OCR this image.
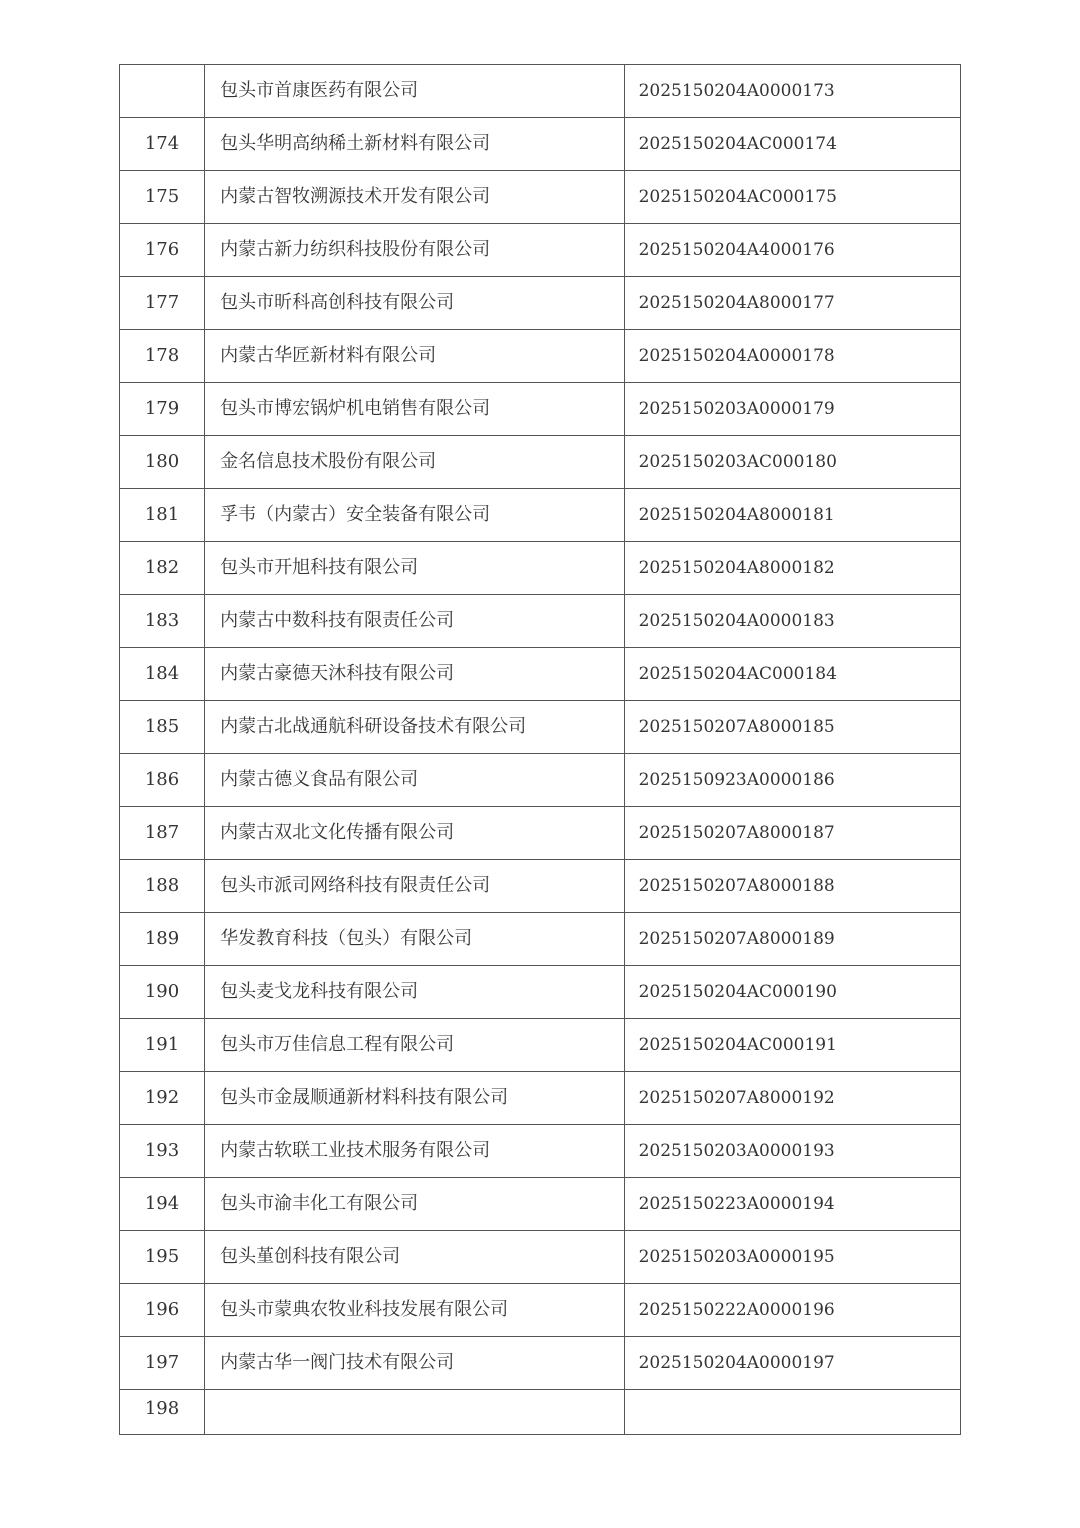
	包头市首康医药有限公司	2025150204A0000173
174	包头华明高纳稀土新材料有限公司	2025150204AC000174
175	内蒙古智牧溯源技术开发有限公司	2025150204AC000175
176	内蒙古新力纺织科技股份有限公司	2025150204A4000176
177	包头市昕科高创科技有限公司	2025150204A8000177
178	内蒙古华匠新材料有限公司	2025150204A0000178
179	包头市博宏锅炉机电销售有限公司	2025150203A0000179
180	金名信息技术股份有限公司	2025150203AC000180
181	孚韦（内蒙古）安全装备有限公司	2025150204A8000181
182	包头市开旭科技有限公司	2025150204A8000182
183	内蒙古中数科技有限责任公司	2025150204A0000183
184	内蒙古豪德天沐科技有限公司	2025150204AC000184
185	内蒙古北战通航科研设备技术有限公司	2025150207A8000185
186	内蒙古德义食品有限公司	2025150923A0000186
187	内蒙古双北文化传播有限公司	2025150207A8000187
188	包头市派司网络科技有限责任公司	2025150207A8000188
189	华发教育科技（包头）有限公司	2025150207A8000189
190	包头麦戈龙科技有限公司	2025150204AC000190
191	包头市万佳信息工程有限公司	2025150204AC000191
192	包头市金晟顺通新材料科技有限公司	2025150207A8000192
193	内蒙古软联工业技术服务有限公司	2025150203A0000193
194	包头市渝丰化工有限公司	2025150223A0000194
195	包头堇创科技有限公司	2025150203A0000195
196	包头市蒙典农牧业科技发展有限公司	2025150222A0000196
197	内蒙古华一阀门技术有限公司	2025150204A0000197
198		
